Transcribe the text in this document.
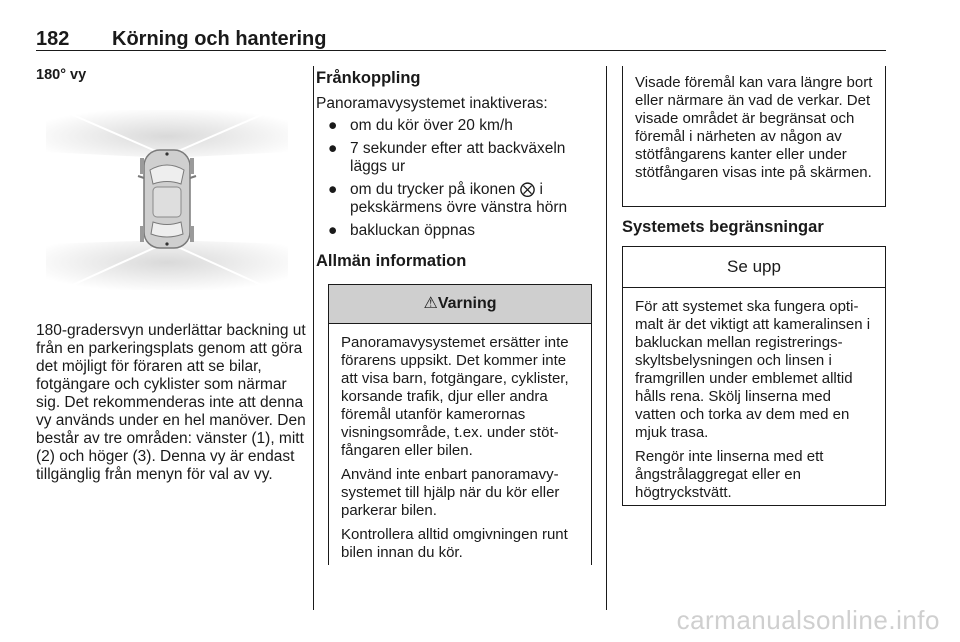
182 Körning och hantering
180° vy

180-gradersvyn underlättar backning ut från en parkeringsplats genom att göra det möjligt för föraren att se bilar, fotgängare och cyklister som närmar sig. Det rekommenderas inte att denna vy används under en hel manöver. Den består av tre områden: vänster (1), mitt (2) och höger (3). Denna vy är endast tillgänglig från menyn för val av vy.

Frånkoppling

Panoramavysystemet inaktiveras:

● om du kör över 20 km/h
● 7 sekunder efter att backväxeln läggs ur
● om du trycker på ikonen ⨂ i pekskärmens övre vänstra hörn
● bakluckan öppnas
Allmän information
⚠Varning

Panoramavysystemet ersätter inte förarens uppsikt. Det kommer inte att visa barn, fotgängare, cyklister, korsande trafik, djur eller andra föremål utanför kamerornas visningsområde, t.ex. under stötfångaren eller bilen.

Använd inte enbart panoramavysystemet till hjälp när du kör eller parkerar bilen.

Kontrollera alltid omgivningen runt bilen innan du kör.

Visade föremål kan vara längre bort eller närmare än vad de verkar. Det visade området är begränsat och föremål i närheten av någon av stötfångarens kanter eller under stötfångaren visas inte på skärmen.
Systemets begränsningar
Se upp

För att systemet ska fungera optimalt är det viktigt att kameralinsen i bakluckan mellan registreringsskyltsbelysningen och linsen i framgrillen under emblemet alltid hålls rena. Skölj linserna med vatten och torka av dem med en mjuk trasa.

Rengör inte linserna med ett ångstrålaggregat eller en högtryckstvätt.

carmanualsonline.info
